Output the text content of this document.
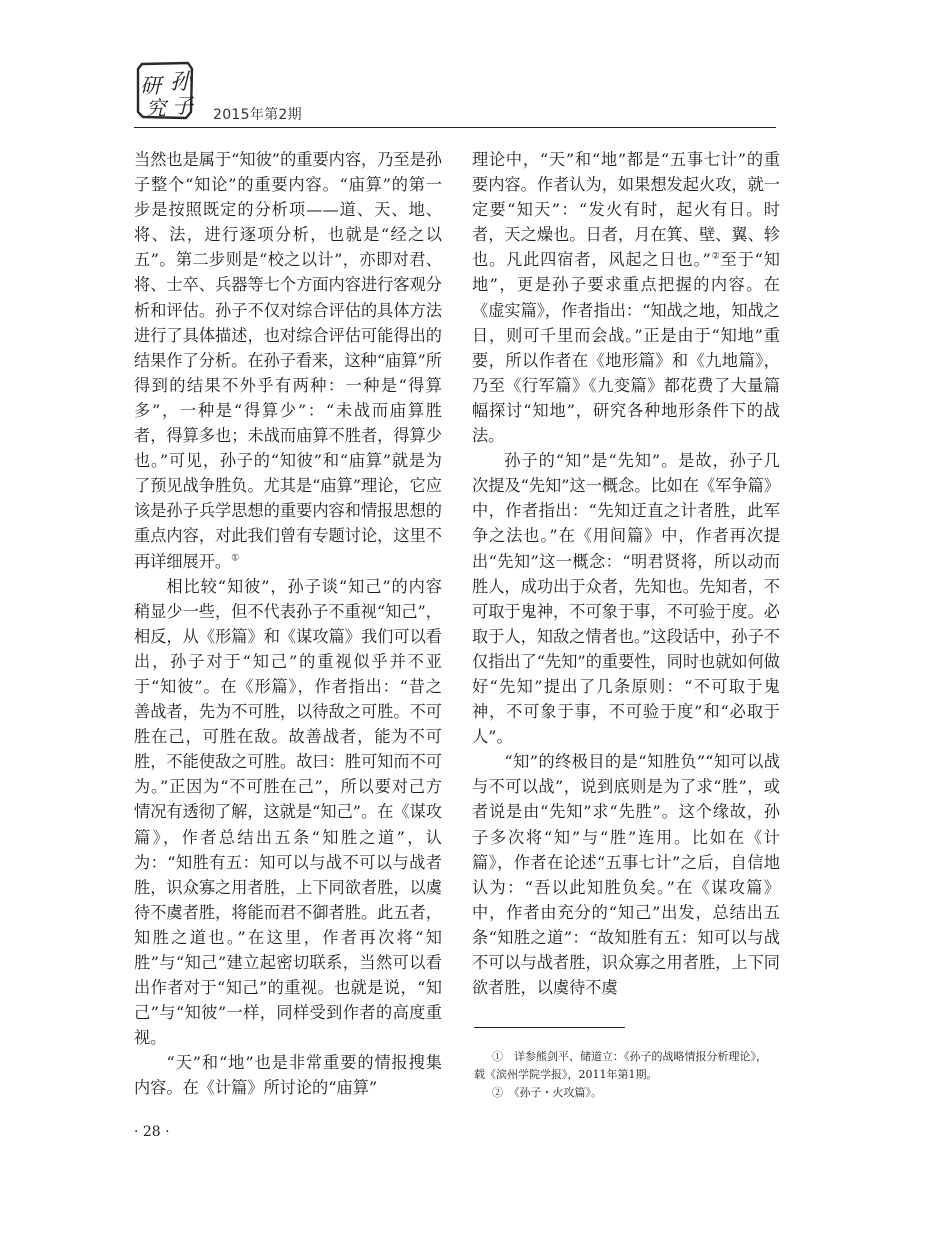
孙
子
研
究	2015年第2期

当然也是属于“知彼”的重要内容，乃至是孙子整个“知论”的重要内容。“庙算”的第一步是按照既定的分析项——道、天、地、将、法，进行逐项分析，也就是“经之以五”。第二步则是“校之以计”，亦即对君、将、士卒、兵器等七个方面内容进行客观分析和评估。孙子不仅对综合评估的具体方法进行了具体描述，也对综合评估可能得出的结果作了分析。在孙子看来，这种“庙算”所得到的结果不外乎有两种：一种是“得算多”，一种是“得算少”：“未战而庙算胜者，得算多也；未战而庙算不胜者，得算少也。”可见，孙子的“知彼”和“庙算”就是为了预见战争胜负。尤其是“庙算”理论，它应该是孙子兵学思想的重要内容和情报思想的重点内容，对此我们曾有专题讨论，这里不再详细展开。①

相比较“知彼”，孙子谈“知己”的内容稍显少一些，但不代表孙子不重视“知己”，相反，从《形篇》和《谋攻篇》我们可以看出，孙子对于“知己”的重视似乎并不亚于“知彼”。在《形篇》，作者指出：“昔之善战者，先为不可胜，以待敌之可胜。不可胜在己，可胜在敌。故善战者，能为不可胜，不能使敌之可胜。故曰：胜可知而不可为。”正因为“不可胜在己”，所以要对己方情况有透彻了解，这就是“知己”。在《谋攻篇》，作者总结出五条“知胜之道”，认为：“知胜有五：知可以与战不可以与战者胜，识众寡之用者胜，上下同欲者胜，以虞待不虞者胜，将能而君不御者胜。此五者，知胜之道也。”在这里，作者再次将“知胜”与“知己”建立起密切联系，当然可以看出作者对于“知己”的重视。也就是说，“知己”与“知彼”一样，同样受到作者的高度重视。

“天”和“地”也是非常重要的情报搜集内容。在《计篇》所讨论的“庙算”

理论中，“天”和“地”都是“五事七计”的重要内容。作者认为，如果想发起火攻，就一定要“知天”：“发火有时，起火有日。时者，天之燥也。日者，月在箕、壁、翼、轸也。凡此四宿者，风起之日也。”②至于“知地”，更是孙子要求重点把握的内容。在《虚实篇》，作者指出：“知战之地，知战之日，则可千里而会战。”正是由于“知地”重要，所以作者在《地形篇》和《九地篇》，乃至《行军篇》《九变篇》都花费了大量篇幅探讨“知地”，研究各种地形条件下的战法。

孙子的“知”是“先知”。是故，孙子几次提及“先知”这一概念。比如在《军争篇》中，作者指出：“先知迂直之计者胜，此军争之法也。”在《用间篇》中，作者再次提出“先知”这一概念：“明君贤将，所以动而胜人，成功出于众者，先知也。先知者，不可取于鬼神，不可象于事，不可验于度。必取于人，知敌之情者也。”这段话中，孙子不仅指出了“先知”的重要性，同时也就如何做好“先知”提出了几条原则：“不可取于鬼神，不可象于事，不可验于度”和“必取于人”。

“知”的终极目的是“知胜负”“知可以战与不可以战”，说到底则是为了求“胜”，或者说是由“先知”求“先胜”。这个缘故，孙子多次将“知”与“胜”连用。比如在《计篇》，作者在论述“五事七计”之后，自信地认为：“吾以此知胜负矣。”在《谋攻篇》中，作者由充分的“知己”出发，总结出五条“知胜之道”：“故知胜有五：知可以与战不可以与战者胜，识众寡之用者胜，上下同欲者胜，以虞待不虞

①　详参熊剑平、储道立：《孙子的战略情报分析理论》，载《滨州学院学报》，2011年第1期。

②　《孙子・火攻篇》。

· 28 ·
